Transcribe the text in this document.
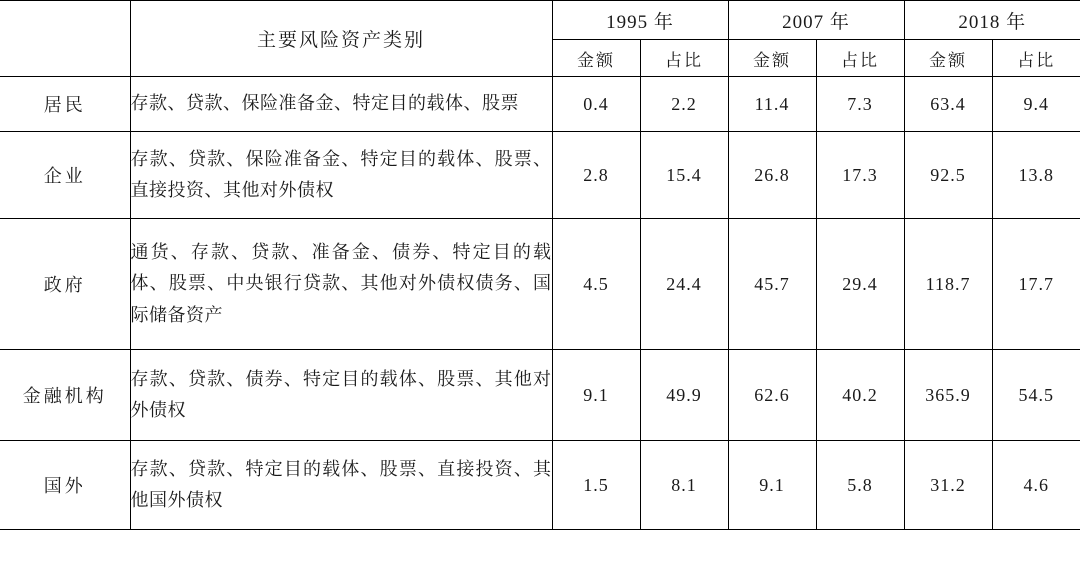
	主要风险资产类别	1995 年		2007 年		2018 年	
		金额	占比	金额	占比	金额	占比
居民	存款、贷款、保险准备金、特定目的载体、股票	0.4	2.2	11.4	7.3	63.4	9.4
企业	存款、贷款、保险准备金、特定目的载体、股票、直接投资、其他对外债权	2.8	15.4	26.8	17.3	92.5	13.8
政府	通货、存款、贷款、准备金、债券、特定目的载体、股票、中央银行贷款、其他对外债权债务、国际储备资产	4.5	24.4	45.7	29.4	118.7	17.7
金融机构	存款、贷款、债券、特定目的载体、股票、其他对外债权	9.1	49.9	62.6	40.2	365.9	54.5
国外	存款、贷款、特定目的载体、股票、直接投资、其他国外债权	1.5	8.1	9.1	5.8	31.2	4.6
